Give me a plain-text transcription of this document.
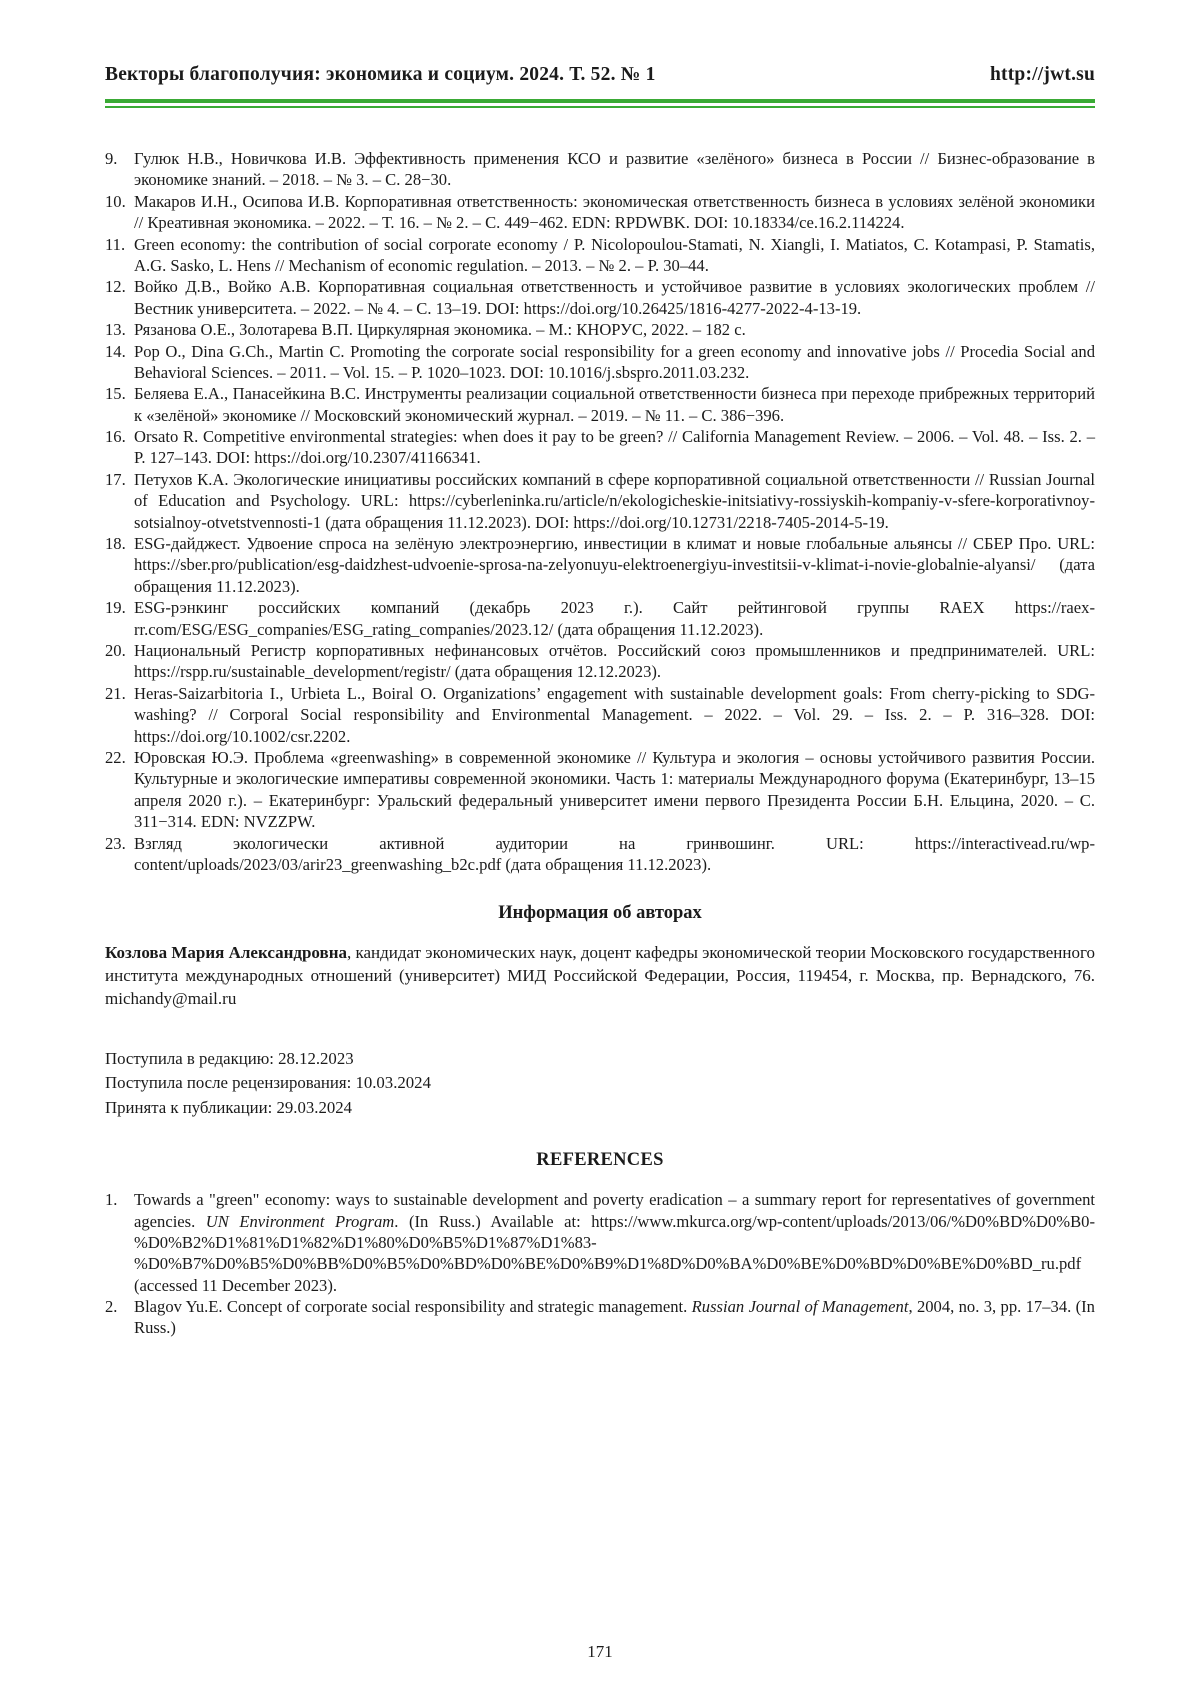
Векторы благополучия: экономика и социум. 2024. Т. 52. № 1	http://jwt.su
9. Гулюк Н.В., Новичкова И.В. Эффективность применения КСО и развитие «зелёного» бизнеса в России // Бизнес-образование в экономике знаний. – 2018. – № 3. – С. 28−30.
10. Макаров И.Н., Осипова И.В. Корпоративная ответственность: экономическая ответственность бизнеса в условиях зелёной экономики // Креативная экономика. – 2022. – Т. 16. – № 2. – С. 449−462. EDN: RPDWBK. DOI: 10.18334/ce.16.2.114224.
11. Green economy: the contribution of social corporate economy / P. Nicolopoulou-Stamati, N. Xiangli, I. Matiatos, C. Kotampasi, P. Stamatis, A.G. Sasko, L. Hens // Mechanism of economic regulation. – 2013. – № 2. – P. 30–44.
12. Войко Д.В., Войко А.В. Корпоративная социальная ответственность и устойчивое развитие в условиях экологических проблем // Вестник университета. – 2022. – № 4. – С. 13–19. DOI: https://doi.org/10.26425/1816-4277-2022-4-13-19.
13. Рязанова О.Е., Золотарева В.П. Циркулярная экономика. – М.: КНОРУС, 2022. – 182 с.
14. Pop O., Dina G.Ch., Martin C. Promoting the corporate social responsibility for a green economy and innovative jobs // Procedia Social and Behavioral Sciences. – 2011. – Vol. 15. – P. 1020–1023. DOI: 10.1016/j.sbspro.2011.03.232.
15. Беляева Е.А., Панасейкина В.С. Инструменты реализации социальной ответственности бизнеса при переходе прибрежных территорий к «зелёной» экономике // Московский экономический журнал. – 2019. – № 11. – С. 386−396.
16. Orsato R. Competitive environmental strategies: when does it pay to be green? // California Management Review. – 2006. – Vol. 48. – Iss. 2. – P. 127–143. DOI: https://doi.org/10.2307/41166341.
17. Петухов К.А. Экологические инициативы российских компаний в сфере корпоративной социальной ответственности // Russian Journal of Education and Psychology. URL: https://cyberleninka.ru/article/n/ekologicheskie-initsiativy-rossiyskih-kompaniy-v-sfere-korporativnoy-sotsialnoy-otvetstvennosti-1 (дата обращения 11.12.2023). DOI: https://doi.org/10.12731/2218-7405-2014-5-19.
18. ESG-дайджест. Удвоение спроса на зелёную электроэнергию, инвестиции в климат и новые глобальные альянсы // СБЕР Про. URL: https://sber.pro/publication/esg-daidzhest-udvoenie-sprosa-na-zelyonuyu-elektroenergiyu-investitsii-v-klimat-i-novie-globalnie-alyansi/ (дата обращения 11.12.2023).
19. ESG-рэнкинг российских компаний (декабрь 2023 г.). Сайт рейтинговой группы RAEX https://raex-rr.com/ESG/ESG_companies/ESG_rating_companies/2023.12/ (дата обращения 11.12.2023).
20. Национальный Регистр корпоративных нефинансовых отчётов. Российский союз промышленников и предпринимателей. URL: https://rspp.ru/sustainable_development/registr/ (дата обращения 12.12.2023).
21. Heras-Saizarbitoria I., Urbieta L., Boiral O. Organizations’ engagement with sustainable development goals: From cherry-picking to SDG-washing? // Corporal Social responsibility and Environmental Management. – 2022. – Vol. 29. – Iss. 2. – P. 316–328. DOI: https://doi.org/10.1002/csr.2202.
22. Юровская Ю.Э. Проблема «greenwashing» в современной экономике // Культура и экология – основы устойчивого развития России. Культурные и экологические императивы современной экономики. Часть 1: материалы Международного форума (Екатеринбург, 13–15 апреля 2020 г.). – Екатеринбург: Уральский федеральный университет имени первого Президента России Б.Н. Ельцина, 2020. – С. 311−314. EDN: NVZZPW.
23. Взгляд экологически активной аудитории на гринвошинг. URL: https://interactivead.ru/wp-content/uploads/2023/03/arir23_greenwashing_b2c.pdf (дата обращения 11.12.2023).
Информация об авторах

Козлова Мария Александровна, кандидат экономических наук, доцент кафедры экономической теории Московского государственного института международных отношений (университет) МИД Российской Федерации, Россия, 119454, г. Москва, пр. Вернадского, 76. michandy@mail.ru

Поступила в редакцию: 28.12.2023

Поступила после рецензирования: 10.03.2024

Принята к публикации: 29.03.2024

REFERENCES
1. Towards a "green" economy: ways to sustainable development and poverty eradication – a summary report for representatives of government agencies. UN Environment Program. (In Russ.) Available at: https://www.mkurca.org/wp-content/uploads/2013/06/%D0%BD%D0%B0-%D0%B2%D1%81%D1%82%D1%80%D0%B5%D1%87%D1%83-%D0%B7%D0%B5%D0%BB%D0%B5%D0%BD%D0%BE%D0%B9%D1%8D%D0%BA%D0%BE%D0%BD%D0%BE%D0%BD_ru.pdf (accessed 11 December 2023).
2. Blagov Yu.E. Concept of corporate social responsibility and strategic management. Russian Journal of Management, 2004, no. 3, pp. 17–34. (In Russ.)
171
